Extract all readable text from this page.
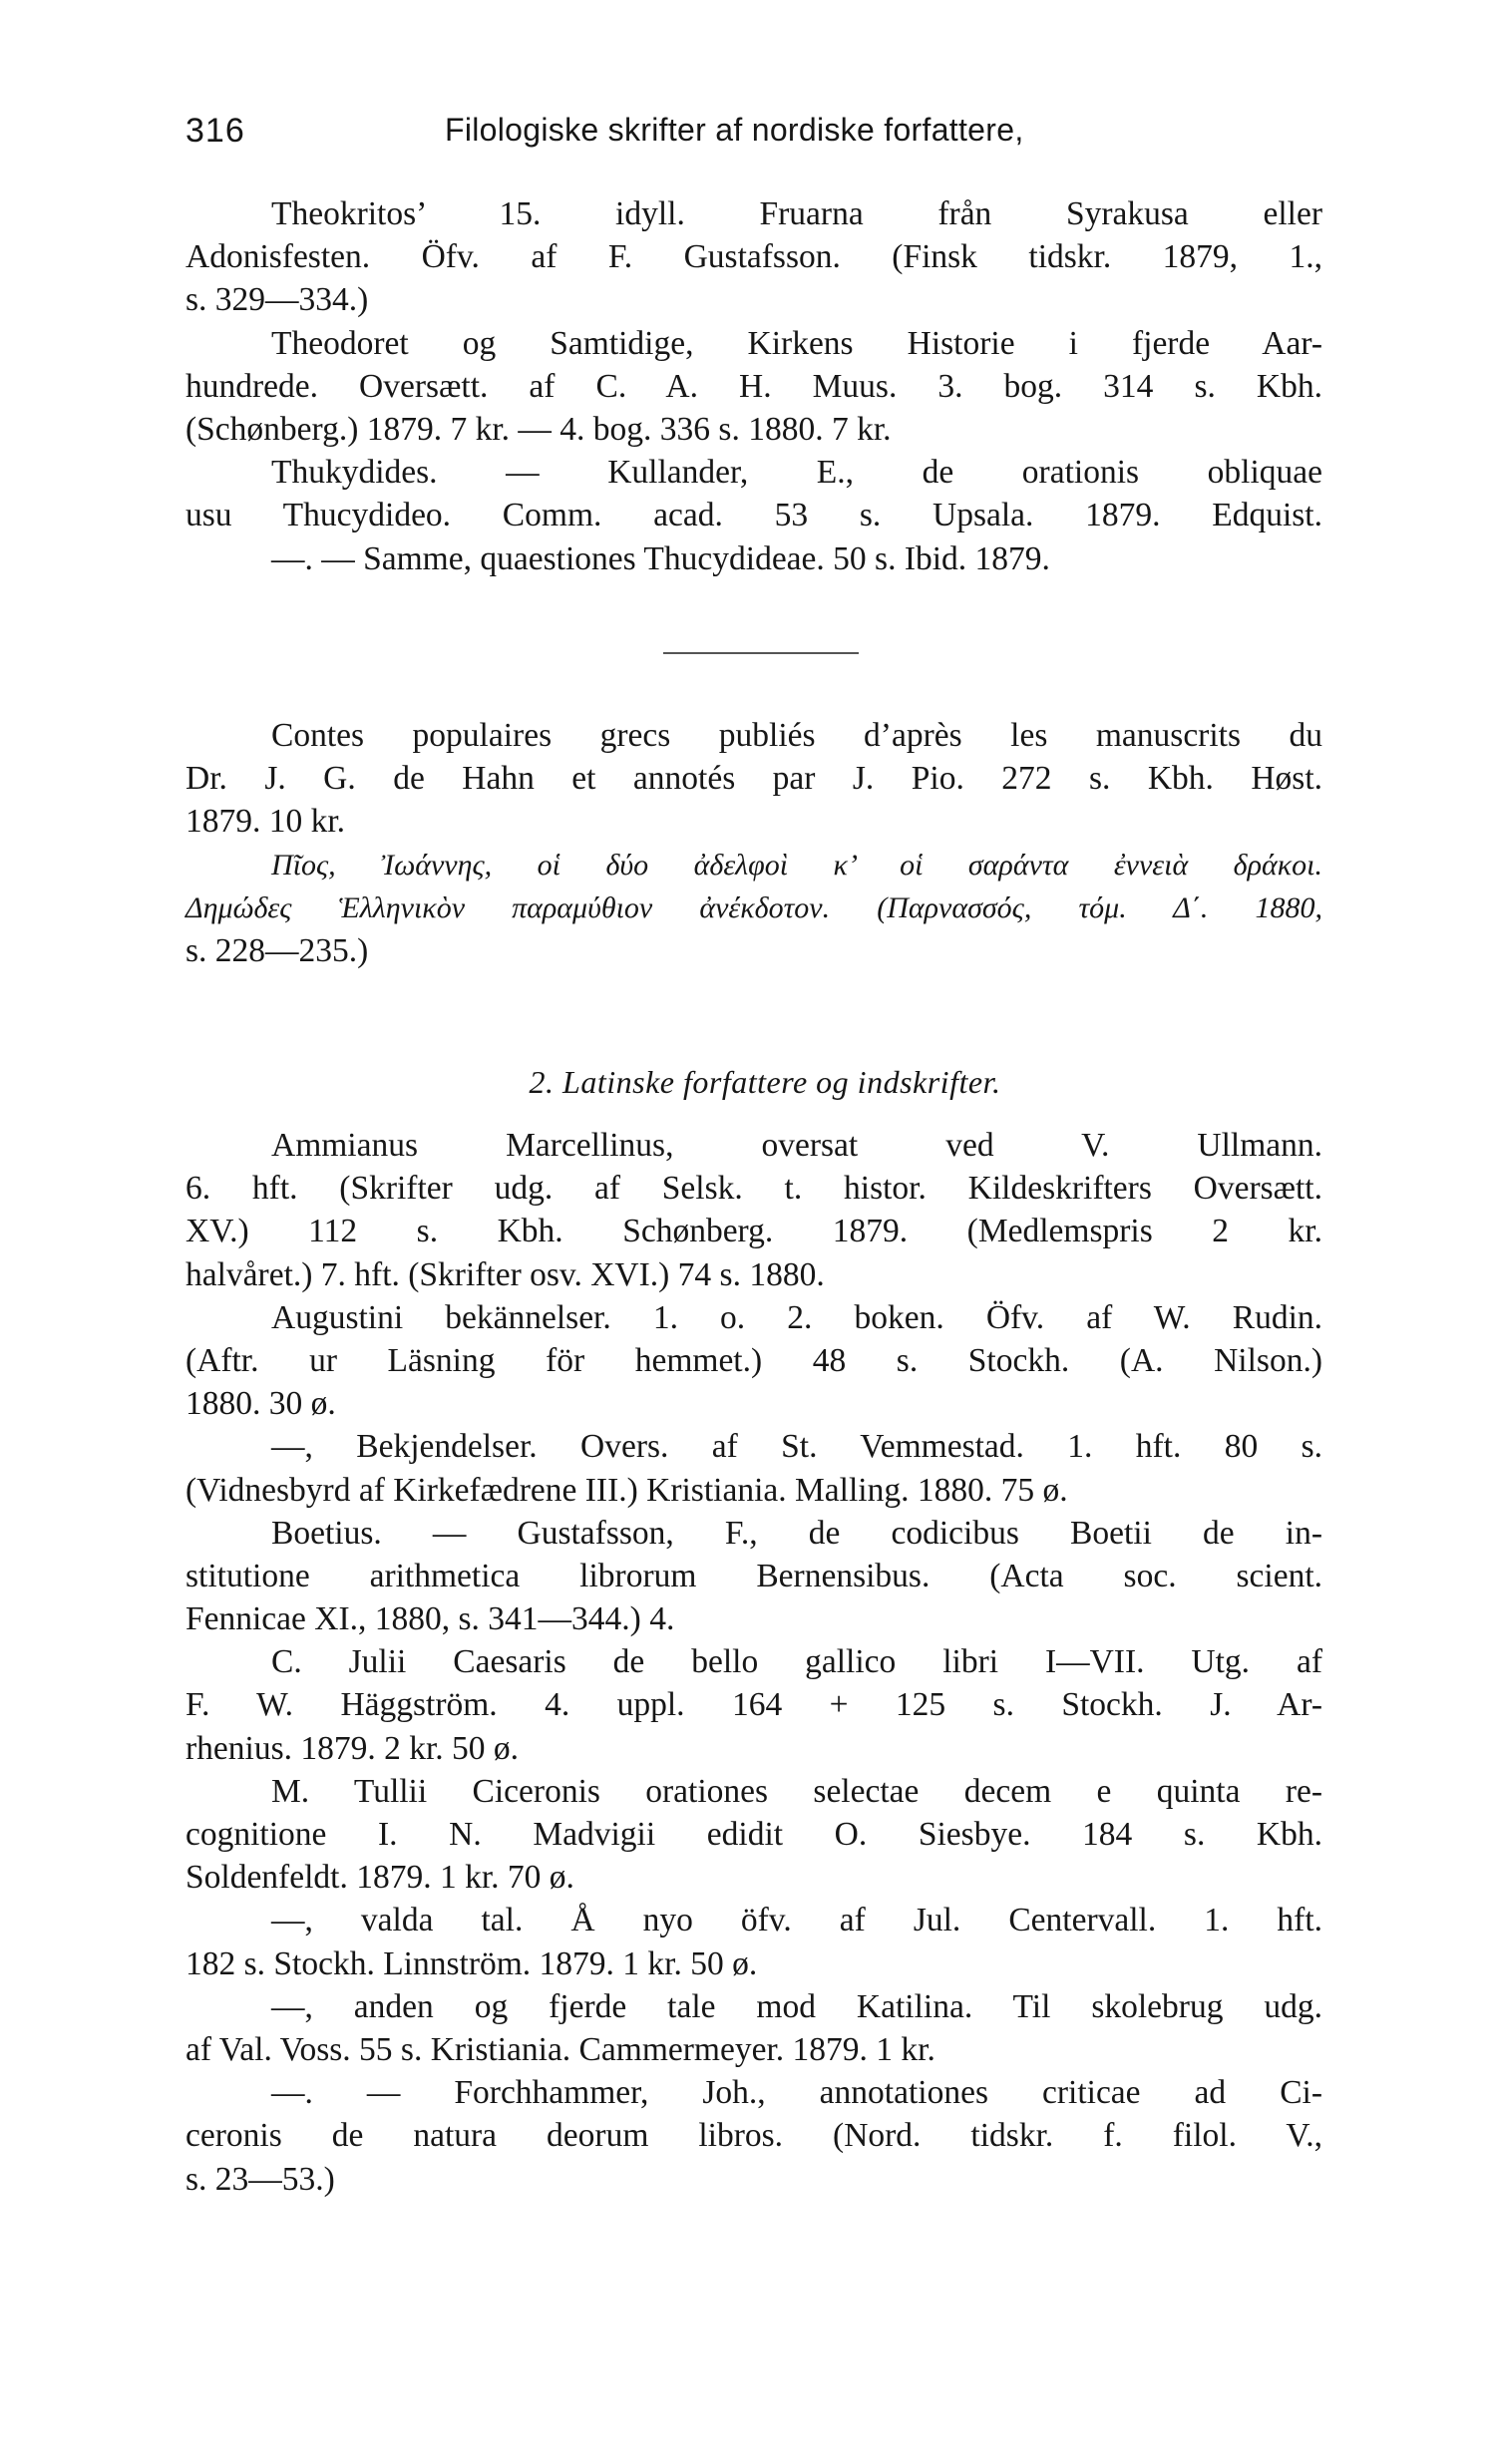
316	Filologiske skrifter af nordiske forfattere,
Theokritos’ 15. idyll. Fruarna från Syrakusa eller
Adonisfesten. Öfv. af F. Gustafsson. (Finsk tidskr. 1879, 1.,
s. 329—334.)
Theodoret og Samtidige, Kirkens Historie i fjerde Aar-
hundrede. Oversætt. af C. A. H. Muus. 3. bog. 314 s. Kbh.
(Schønberg.) 1879. 7 kr. — 4. bog. 336 s. 1880. 7 kr.
Thukydides. — Kullander, E., de orationis obliquae
usu Thucydideo. Comm. acad. 53 s. Upsala. 1879. Edquist.
—. — Samme, quaestiones Thucydideae. 50 s. Ibid. 1879.
Contes populaires grecs publiés d’après les manuscrits du
Dr. J. G. de Hahn et annotés par J. Pio. 272 s. Kbh. Høst.
1879. 10 kr.
Πῖος, Ἰωάννης, οἱ δύο ἀδελφοὶ κ’ οἱ σαράντα ἐννειὰ δράκοι.
Δημώδες Ἑλληνικὸν παραμύθιον ἀνέκδοτον. (Παρνασσός, τόμ. Δ΄. 1880,
s. 228—235.)
2. Latinske forfattere og indskrifter.
Ammianus Marcellinus, oversat ved V. Ullmann.
6. hft. (Skrifter udg. af Selsk. t. histor. Kildeskrifters Oversætt.
XV.) 112 s. Kbh. Schønberg. 1879. (Medlemspris 2 kr.
halvåret.) 7. hft. (Skrifter osv. XVI.) 74 s. 1880.
Augustini bekännelser. 1. o. 2. boken. Öfv. af W. Rudin.
(Aftr. ur Läsning för hemmet.) 48 s. Stockh. (A. Nilson.)
1880. 30 ø.
—, Bekjendelser. Overs. af St. Vemmestad. 1. hft. 80 s.
(Vidnesbyrd af Kirkefædrene III.) Kristiania. Malling. 1880. 75 ø.
Boetius. — Gustafsson, F., de codicibus Boetii de in-
stitutione arithmetica librorum Bernensibus. (Acta soc. scient.
Fennicae XI., 1880, s. 341—344.) 4.
C. Julii Caesaris de bello gallico libri I—VII. Utg. af
F. W. Häggström. 4. uppl. 164 + 125 s. Stockh. J. Ar-
rhenius. 1879. 2 kr. 50 ø.
M. Tullii Ciceronis orationes selectae decem e quinta re-
cognitione I. N. Madvigii edidit O. Siesbye. 184 s. Kbh.
Soldenfeldt. 1879. 1 kr. 70 ø.
—, valda tal. Å nyo öfv. af Jul. Centervall. 1. hft.
182 s. Stockh. Linnström. 1879. 1 kr. 50 ø.
—, anden og fjerde tale mod Katilina. Til skolebrug udg.
af Val. Voss. 55 s. Kristiania. Cammermeyer. 1879. 1 kr.
—. — Forchhammer, Joh., annotationes criticae ad Ci-
ceronis de natura deorum libros. (Nord. tidskr. f. filol. V.,
s. 23—53.)
